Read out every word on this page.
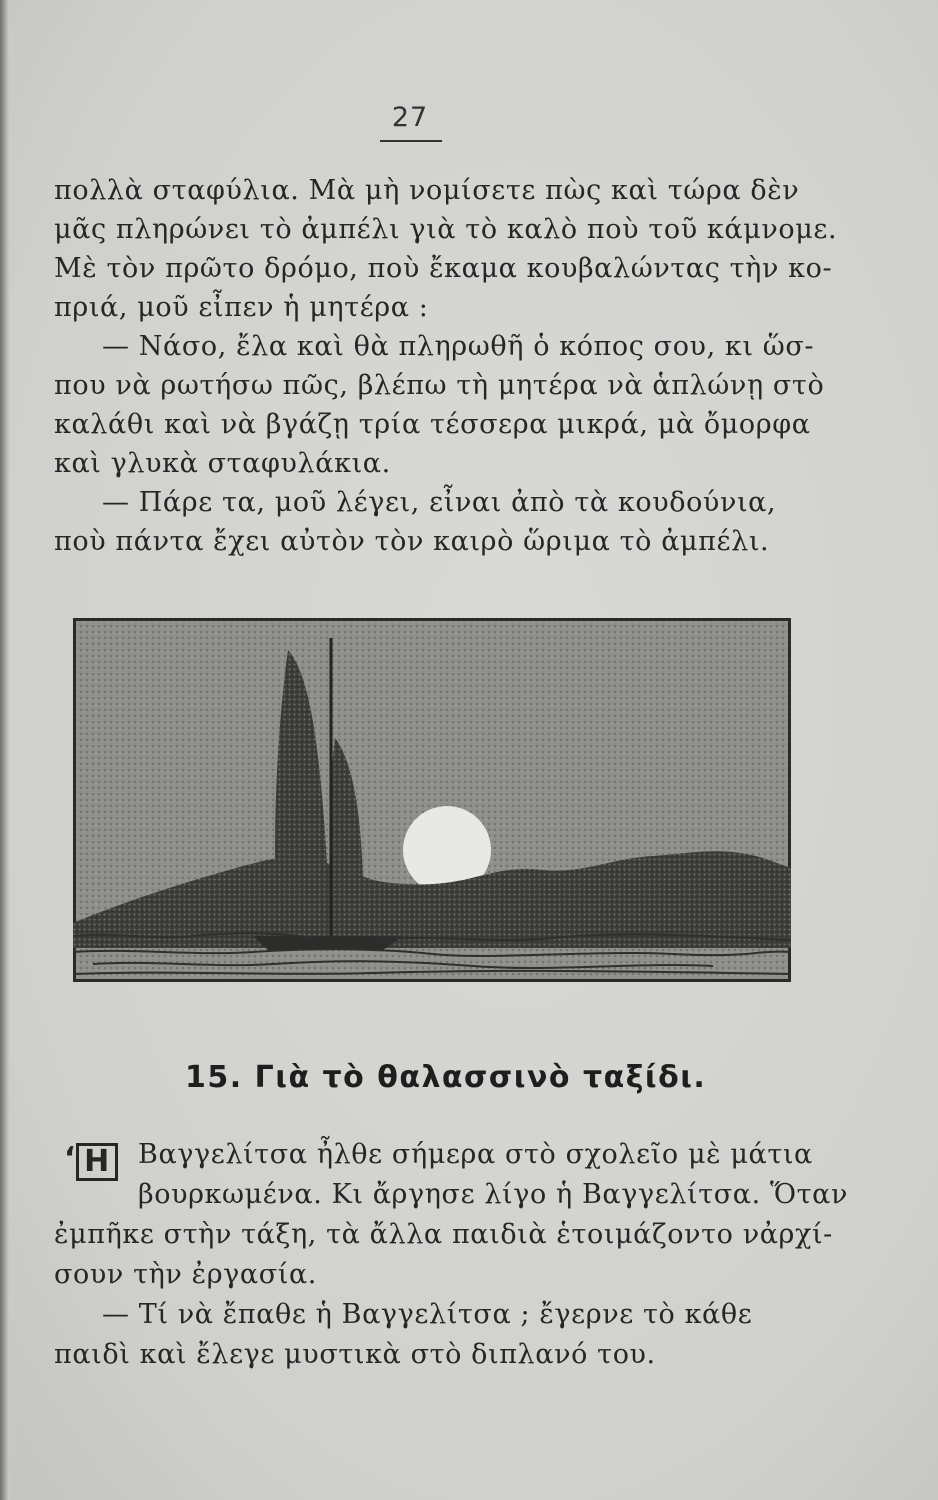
27
πολλὰ σταφύλια. Μὰ μὴ νομίσετε πὼς καὶ τώρα δὲν
μᾶς πληρώνει τὸ ἀμπέλι γιὰ τὸ καλὸ ποὺ τοῦ κάμνομε.
Μὲ τὸν πρῶτο δρόμο, ποὺ ἔκαμα κουβαλώντας τὴν κο-
πριά, μοῦ εἶπεν ἡ μητέρα :
— Νάσο, ἔλα καὶ θὰ πληρωθῆ ὁ κόπος σου, κι ὥσ-
που νὰ ρωτήσω πῶς, βλέπω τὴ μητέρα νὰ ἁπλώνῃ στὸ
καλάθι καὶ νὰ βγάζῃ τρία τέσσερα μικρά, μὰ ὄμορφα
καὶ γλυκὰ σταφυλάκια.
— Πάρε τα, μοῦ λέγει, εἶναι ἀπὸ τὰ κουδούνια,
ποὺ πάντα ἔχει αὐτὸν τὸν καιρὸ ὥριμα τὸ ἀμπέλι.
15. Γιὰ τὸ θαλασσινὸ ταξίδι.
‘ Η	Βαγγελίτσα ἦλθε σήμερα στὸ σχολεῖο μὲ μάτια
βουρκωμένα. Κι ἄργησε λίγο ἡ Βαγγελίτσα. Ὅταν
ἐμπῆκε στὴν τάξη, τὰ ἄλλα παιδιὰ ἑτοιμάζοντο νἀρχί-
σουν τὴν ἐργασία.
— Τί νὰ ἔπαθε ἡ Βαγγελίτσα ; ἔγερνε τὸ κάθε
παιδὶ καὶ ἔλεγε μυστικὰ στὸ διπλανό του.
